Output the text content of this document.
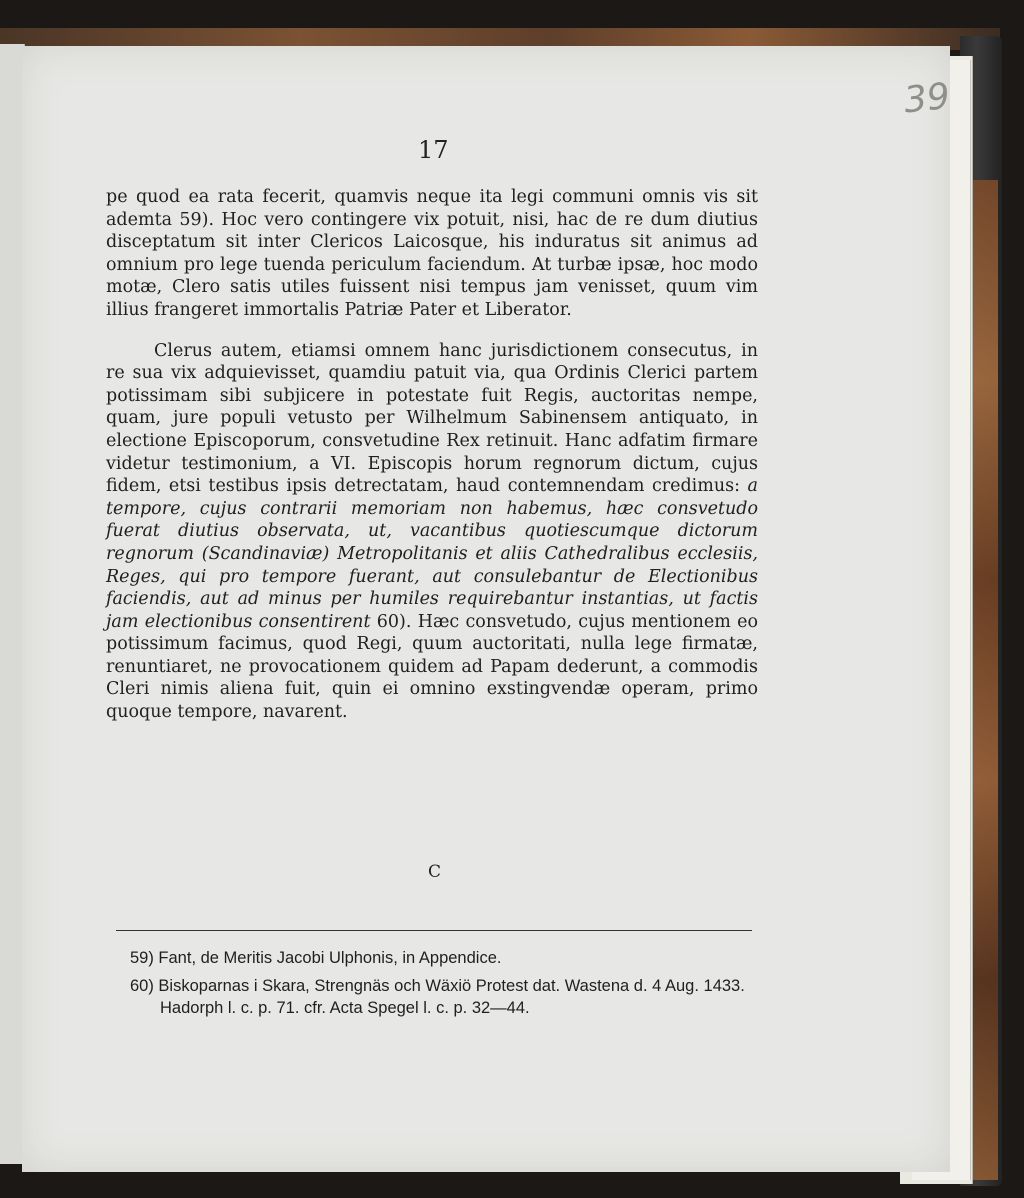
39
17

pe quod ea rata fecerit, quamvis neque ita legi communi omnis vis sit ademta 59). Hoc vero contingere vix potuit, nisi, hac de re dum diutius disceptatum sit inter Clericos Laicosque, his induratus sit animus ad omnium pro lege tuenda periculum faciendum. At turbæ ipsæ, hoc modo motæ, Clero satis utiles fuissent nisi tempus jam venisset, quum vim illius frangeret immortalis Patriæ Pater et Liberator.

Clerus autem, etiamsi omnem hanc jurisdictionem consecutus, in re sua vix adquievisset, quamdiu patuit via, qua Ordinis Clerici partem potissimam sibi subjicere in potestate fuit Regis, auctoritas nempe, quam, jure populi vetusto per Wilhelmum Sabinensem antiquato, in electione Episcoporum, consvetudine Rex retinuit. Hanc adfatim firmare videtur testimonium, a VI. Episcopis horum regnorum dictum, cujus fidem, etsi testibus ipsis detrectatam, haud contemnendam credimus: a tempore, cujus contrarii memoriam non habemus, hæc consvetudo fuerat diutius observata, ut, vacantibus quotiescumque dictorum regnorum (Scandinaviæ) Metropolitanis et aliis Cathedralibus ecclesiis, Reges, qui pro tempore fuerant, aut consulebantur de Electionibus faciendis, aut ad minus per humiles requirebantur instantias, ut factis jam electionibus consentirent 60). Hæc consvetudo, cujus mentionem eo potissimum facimus, quod Regi, quum auctoritati, nulla lege firmatæ, renuntiaret, ne provocationem quidem ad Papam dederunt, a commodis Cleri nimis aliena fuit, quin ei omnino exstingvendæ operam, primo quoque tempore, navarent.

C

59) Fant, de Meritis Jacobi Ulphonis, in Appendice.

60) Biskoparnas i Skara, Strengnäs och Wäxiö Protest dat. Wastena d. 4 Aug. 1433. Hadorph l. c. p. 71. cfr. Acta Spegel l. c. p. 32—44.
